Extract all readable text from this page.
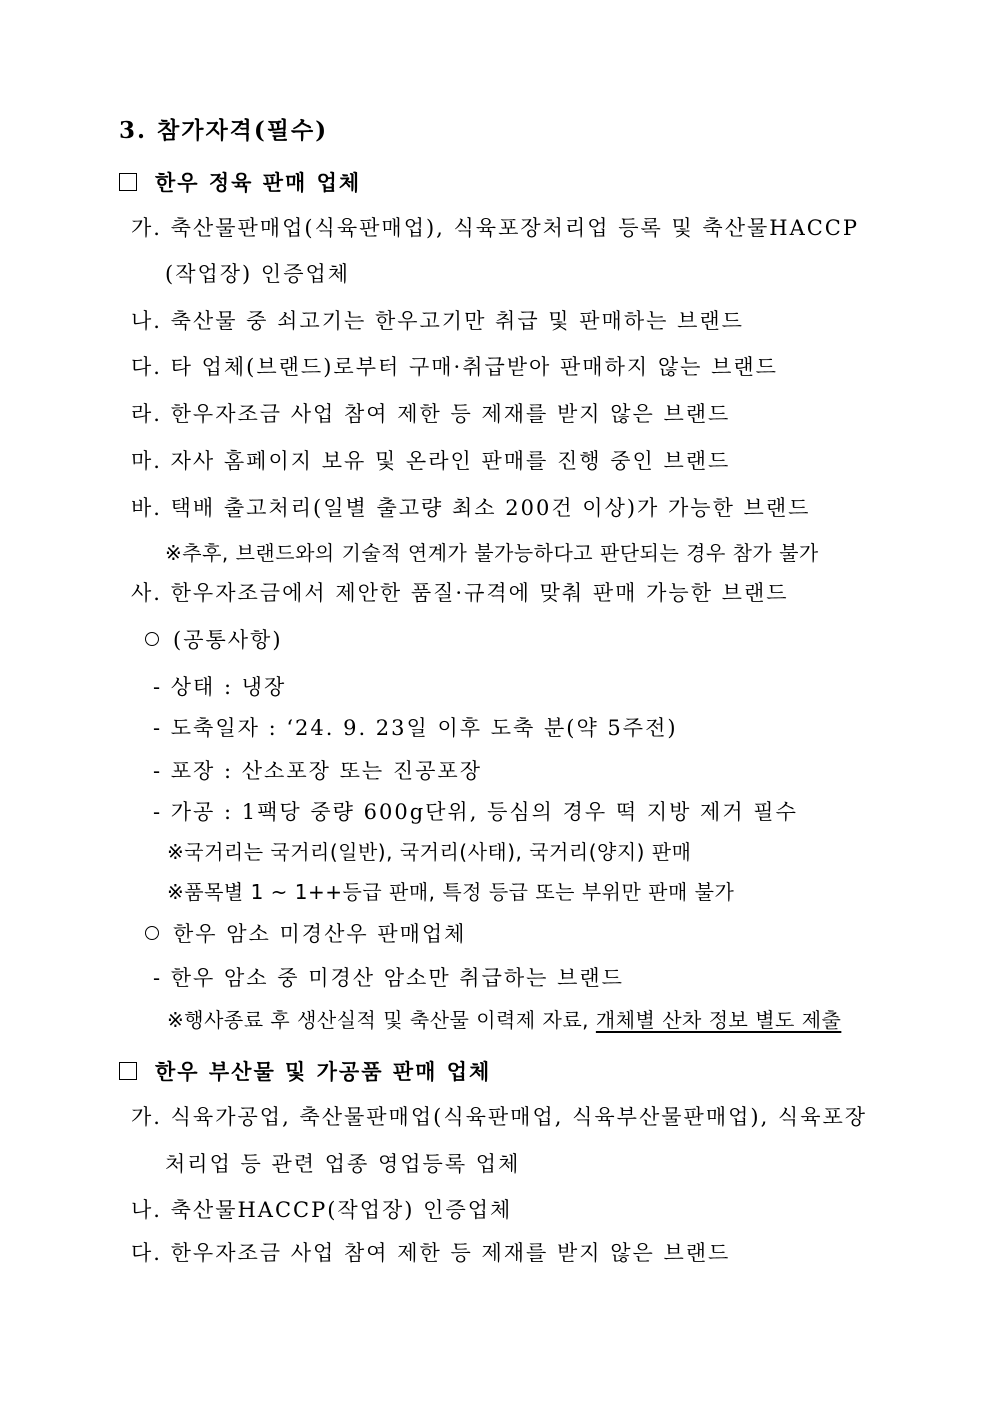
3. 참가자격(필수)
한우 정육 판매 업체
가. 축산물판매업(식육판매업), 식육포장처리업 등록 및 축산물HACCP
(작업장) 인증업체
나. 축산물 중 쇠고기는 한우고기만 취급 및 판매하는 브랜드
다. 타 업체(브랜드)로부터 구매·취급받아 판매하지 않는 브랜드
라. 한우자조금 사업 참여 제한 등 제재를 받지 않은 브랜드
마. 자사 홈페이지 보유 및 온라인 판매를 진행 중인 브랜드
바. 택배 출고처리(일별 출고량 최소 200건 이상)가 가능한 브랜드
※추후, 브랜드와의 기술적 연계가 불가능하다고 판단되는 경우 참가 불가
사. 한우자조금에서 제안한 품질·규격에 맞춰 판매 가능한 브랜드
(공통사항)
- 상태 : 냉장
- 도축일자 : ‘24. 9. 23일 이후 도축 분(약 5주전)
- 포장 : 산소포장 또는 진공포장
- 가공 : 1팩당 중량 600g단위, 등심의 경우 떡 지방 제거 필수
※국거리는 국거리(일반), 국거리(사태), 국거리(양지) 판매
※품목별 1 ~ 1++등급 판매, 특정 등급 또는 부위만 판매 불가
한우 암소 미경산우 판매업체
- 한우 암소 중 미경산 암소만 취급하는 브랜드
※행사종료 후 생산실적 및 축산물 이력제 자료, 개체별 산차 정보 별도 제출
한우 부산물 및 가공품 판매 업체
가. 식육가공업, 축산물판매업(식육판매업, 식육부산물판매업), 식육포장
처리업 등 관련 업종 영업등록 업체
나. 축산물HACCP(작업장) 인증업체
다. 한우자조금 사업 참여 제한 등 제재를 받지 않은 브랜드
